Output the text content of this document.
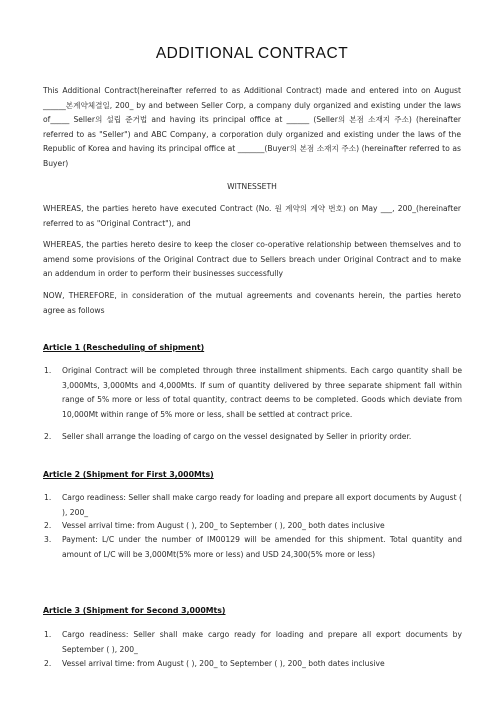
ADDITIONAL CONTRACT

This Additional Contract(hereinafter referred to as Additional Contract) made and entered into on August ______본계약체결일, 200_ by and between Seller Corp, a company duly organized and existing under the laws of_____ Seller의 설립 준거법 and having its principal office at ______ (Seller의 본점 소재지 주소) (hereinafter referred to as "Seller") and ABC Company, a corporation duly organized and existing under the laws of the Republic of Korea and having its principal office at _______(Buyer의 본점 소재지 주소) (hereinafter referred to as Buyer)

WITNESSETH

WHEREAS, the parties hereto have executed Contract (No. 원 계약의 계약 번호) on May ___, 200_(hereinafter referred to as "Original Contract"), and

WHEREAS, the parties hereto desire to keep the closer co-operative relationship between themselves and to amend some provisions of the Original Contract due to Sellers breach under Original Contract and to make an addendum in order to perform their businesses successfully

NOW, THEREFORE, in consideration of the mutual agreements and covenants herein, the parties hereto agree as follows

Article 1 (Rescheduling of shipment)
1. Original Contract will be completed through three installment shipments. Each cargo quantity shall be 3,000Mts, 3,000Mts and 4,000Mts. If sum of quantity delivered by three separate shipment fall within range of 5% more or less of total quantity, contract deems to be completed. Goods which deviate from 10,000Mt within range of 5% more or less, shall be settled at contract price.
2. Seller shall arrange the loading of cargo on the vessel designated by Seller in priority order.
Article 2 (Shipment for First 3,000Mts)
1. Cargo readiness: Seller shall make cargo ready for loading and prepare all export documents by August ( ), 200_
2. Vessel arrival time: from August ( ), 200_ to September ( ), 200_ both dates inclusive
3. Payment: L/C under the number of IM00129 will be amended for this shipment. Total quantity and amount of L/C will be 3,000Mt(5% more or less) and USD 24,300(5% more or less)
Article 3 (Shipment for Second 3,000Mts)
1. Cargo readiness: Seller shall make cargo ready for loading and prepare all export documents by September ( ), 200_
2. Vessel arrival time: from August ( ), 200_ to September ( ), 200_ both dates inclusive
